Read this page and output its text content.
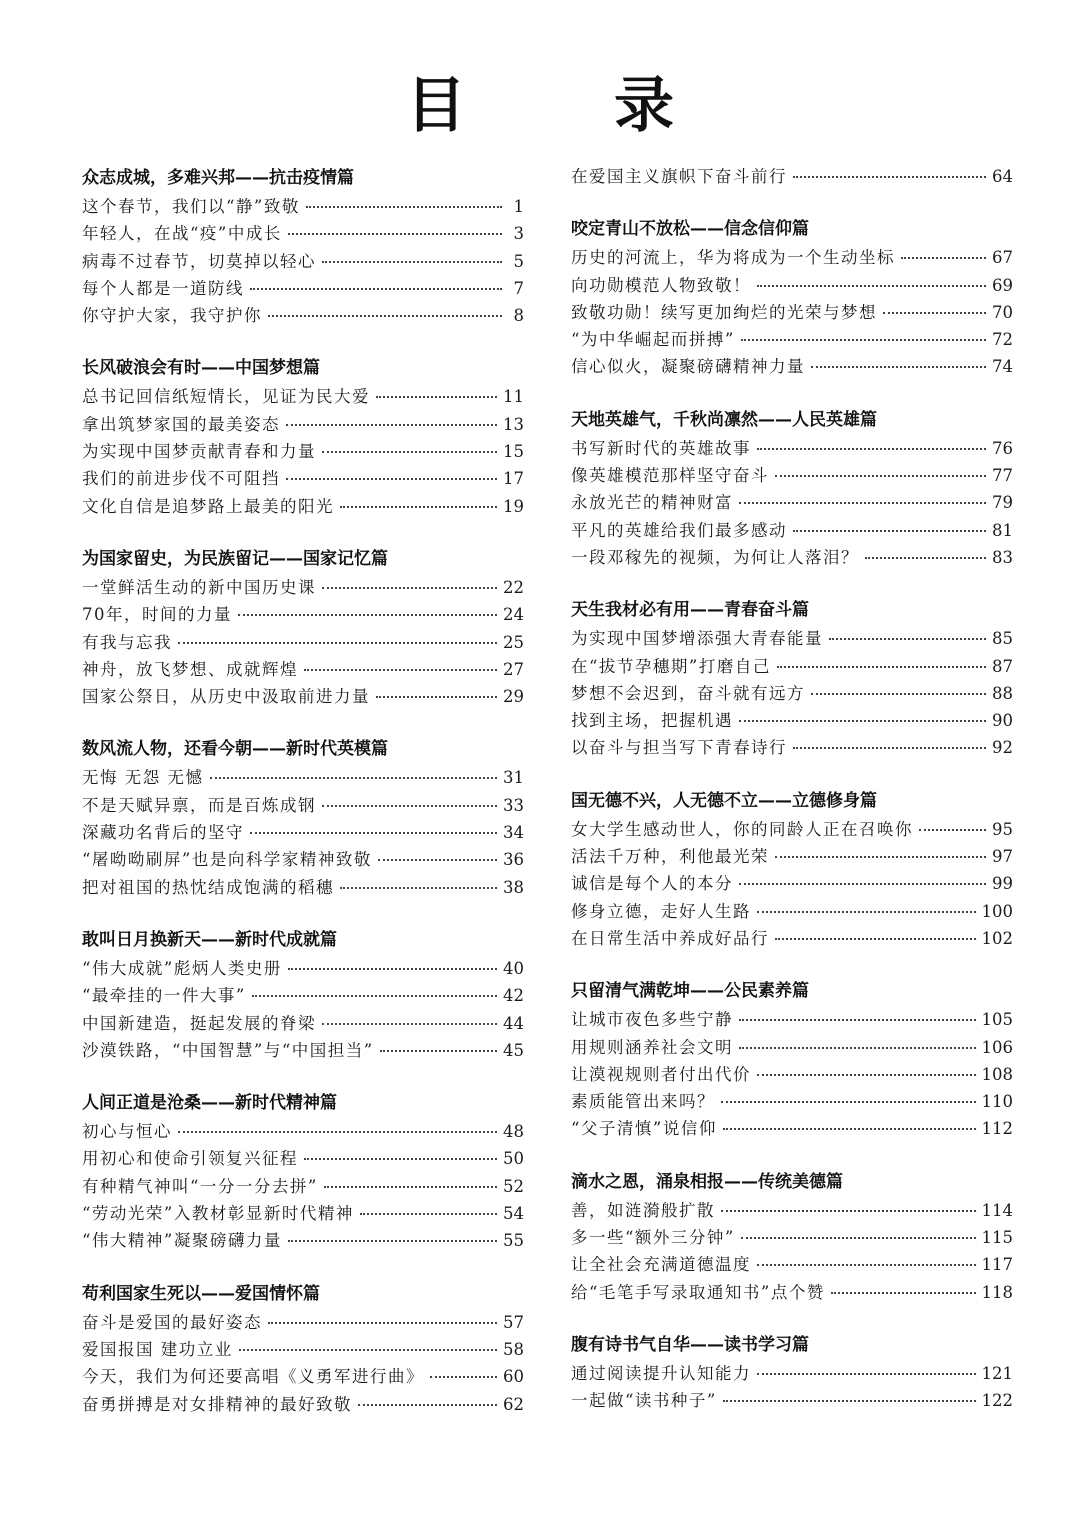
目　录
众志成城，多难兴邦——抗击疫情篇
这个春节，我们以“静”致敬	1
年轻人，在战“疫”中成长	3
病毒不过春节，切莫掉以轻心	5
每个人都是一道防线	7
你守护大家，我守护你	8
长风破浪会有时——中国梦想篇
总书记回信纸短情长，见证为民大爱	11
拿出筑梦家国的最美姿态	13
为实现中国梦贡献青春和力量	15
我们的前进步伐不可阻挡	17
文化自信是追梦路上最美的阳光	19
为国家留史，为民族留记——国家记忆篇
一堂鲜活生动的新中国历史课	22
70年，时间的力量	24
有我与忘我	25
神舟，放飞梦想、成就辉煌	27
国家公祭日，从历史中汲取前进力量	29
数风流人物，还看今朝——新时代英模篇
无悔 无怨 无憾	31
不是天赋异禀，而是百炼成钢	33
深藏功名背后的坚守	34
“屠呦呦刷屏”也是向科学家精神致敬	36
把对祖国的热忱结成饱满的稻穗	38
敢叫日月换新天——新时代成就篇
“伟大成就”彪炳人类史册	40
“最牵挂的一件大事”	42
中国新建造，挺起发展的脊梁	44
沙漠铁路，“中国智慧”与“中国担当”	45
人间正道是沧桑——新时代精神篇
初心与恒心	48
用初心和使命引领复兴征程	50
有种精气神叫“一分一分去拼”	52
“劳动光荣”入教材彰显新时代精神	54
“伟大精神”凝聚磅礴力量	55
苟利国家生死以——爱国情怀篇
奋斗是爱国的最好姿态	57
爱国报国 建功立业	58
今天，我们为何还要高唱《义勇军进行曲》	60
奋勇拼搏是对女排精神的最好致敬	62
在爱国主义旗帜下奋斗前行	64
咬定青山不放松——信念信仰篇
历史的河流上，华为将成为一个生动坐标	67
向功勋模范人物致敬！	69
致敬功勋！续写更加绚烂的光荣与梦想	70
“为中华崛起而拼搏”	72
信心似火，凝聚磅礴精神力量	74
天地英雄气，千秋尚凛然——人民英雄篇
书写新时代的英雄故事	76
像英雄模范那样坚守奋斗	77
永放光芒的精神财富	79
平凡的英雄给我们最多感动	81
一段邓稼先的视频，为何让人落泪？	83
天生我材必有用——青春奋斗篇
为实现中国梦增添强大青春能量	85
在“拔节孕穗期”打磨自己	87
梦想不会迟到，奋斗就有远方	88
找到主场，把握机遇	90
以奋斗与担当写下青春诗行	92
国无德不兴，人无德不立——立德修身篇
女大学生感动世人，你的同龄人正在召唤你	95
活法千万种，利他最光荣	97
诚信是每个人的本分	99
修身立德，走好人生路	100
在日常生活中养成好品行	102
只留清气满乾坤——公民素养篇
让城市夜色多些宁静	105
用规则涵养社会文明	106
让漠视规则者付出代价	108
素质能管出来吗？	110
“父子清慎”说信仰	112
滴水之恩，涌泉相报——传统美德篇
善，如涟漪般扩散	114
多一些“额外三分钟”	115
让全社会充满道德温度	117
给“毛笔手写录取通知书”点个赞	118
腹有诗书气自华——读书学习篇
通过阅读提升认知能力	121
一起做“读书种子”	122
